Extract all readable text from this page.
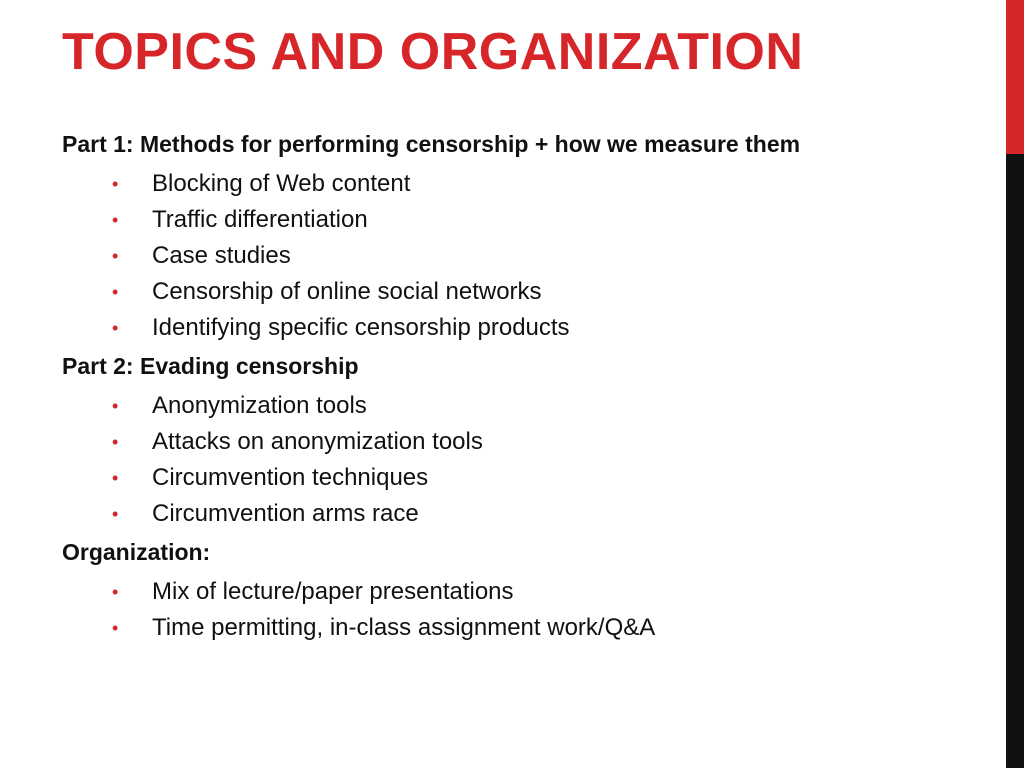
TOPICS AND ORGANIZATION

Part 1: Methods for performing censorship + how we measure them

• Blocking of Web content
• Traffic differentiation
• Case studies
• Censorship of online social networks
• Identifying specific censorship products

Part 2: Evading censorship

• Anonymization tools
• Attacks on anonymization tools
• Circumvention techniques
• Circumvention arms race

Organization:

• Mix of lecture/paper presentations
• Time permitting, in-class assignment work/Q&A
